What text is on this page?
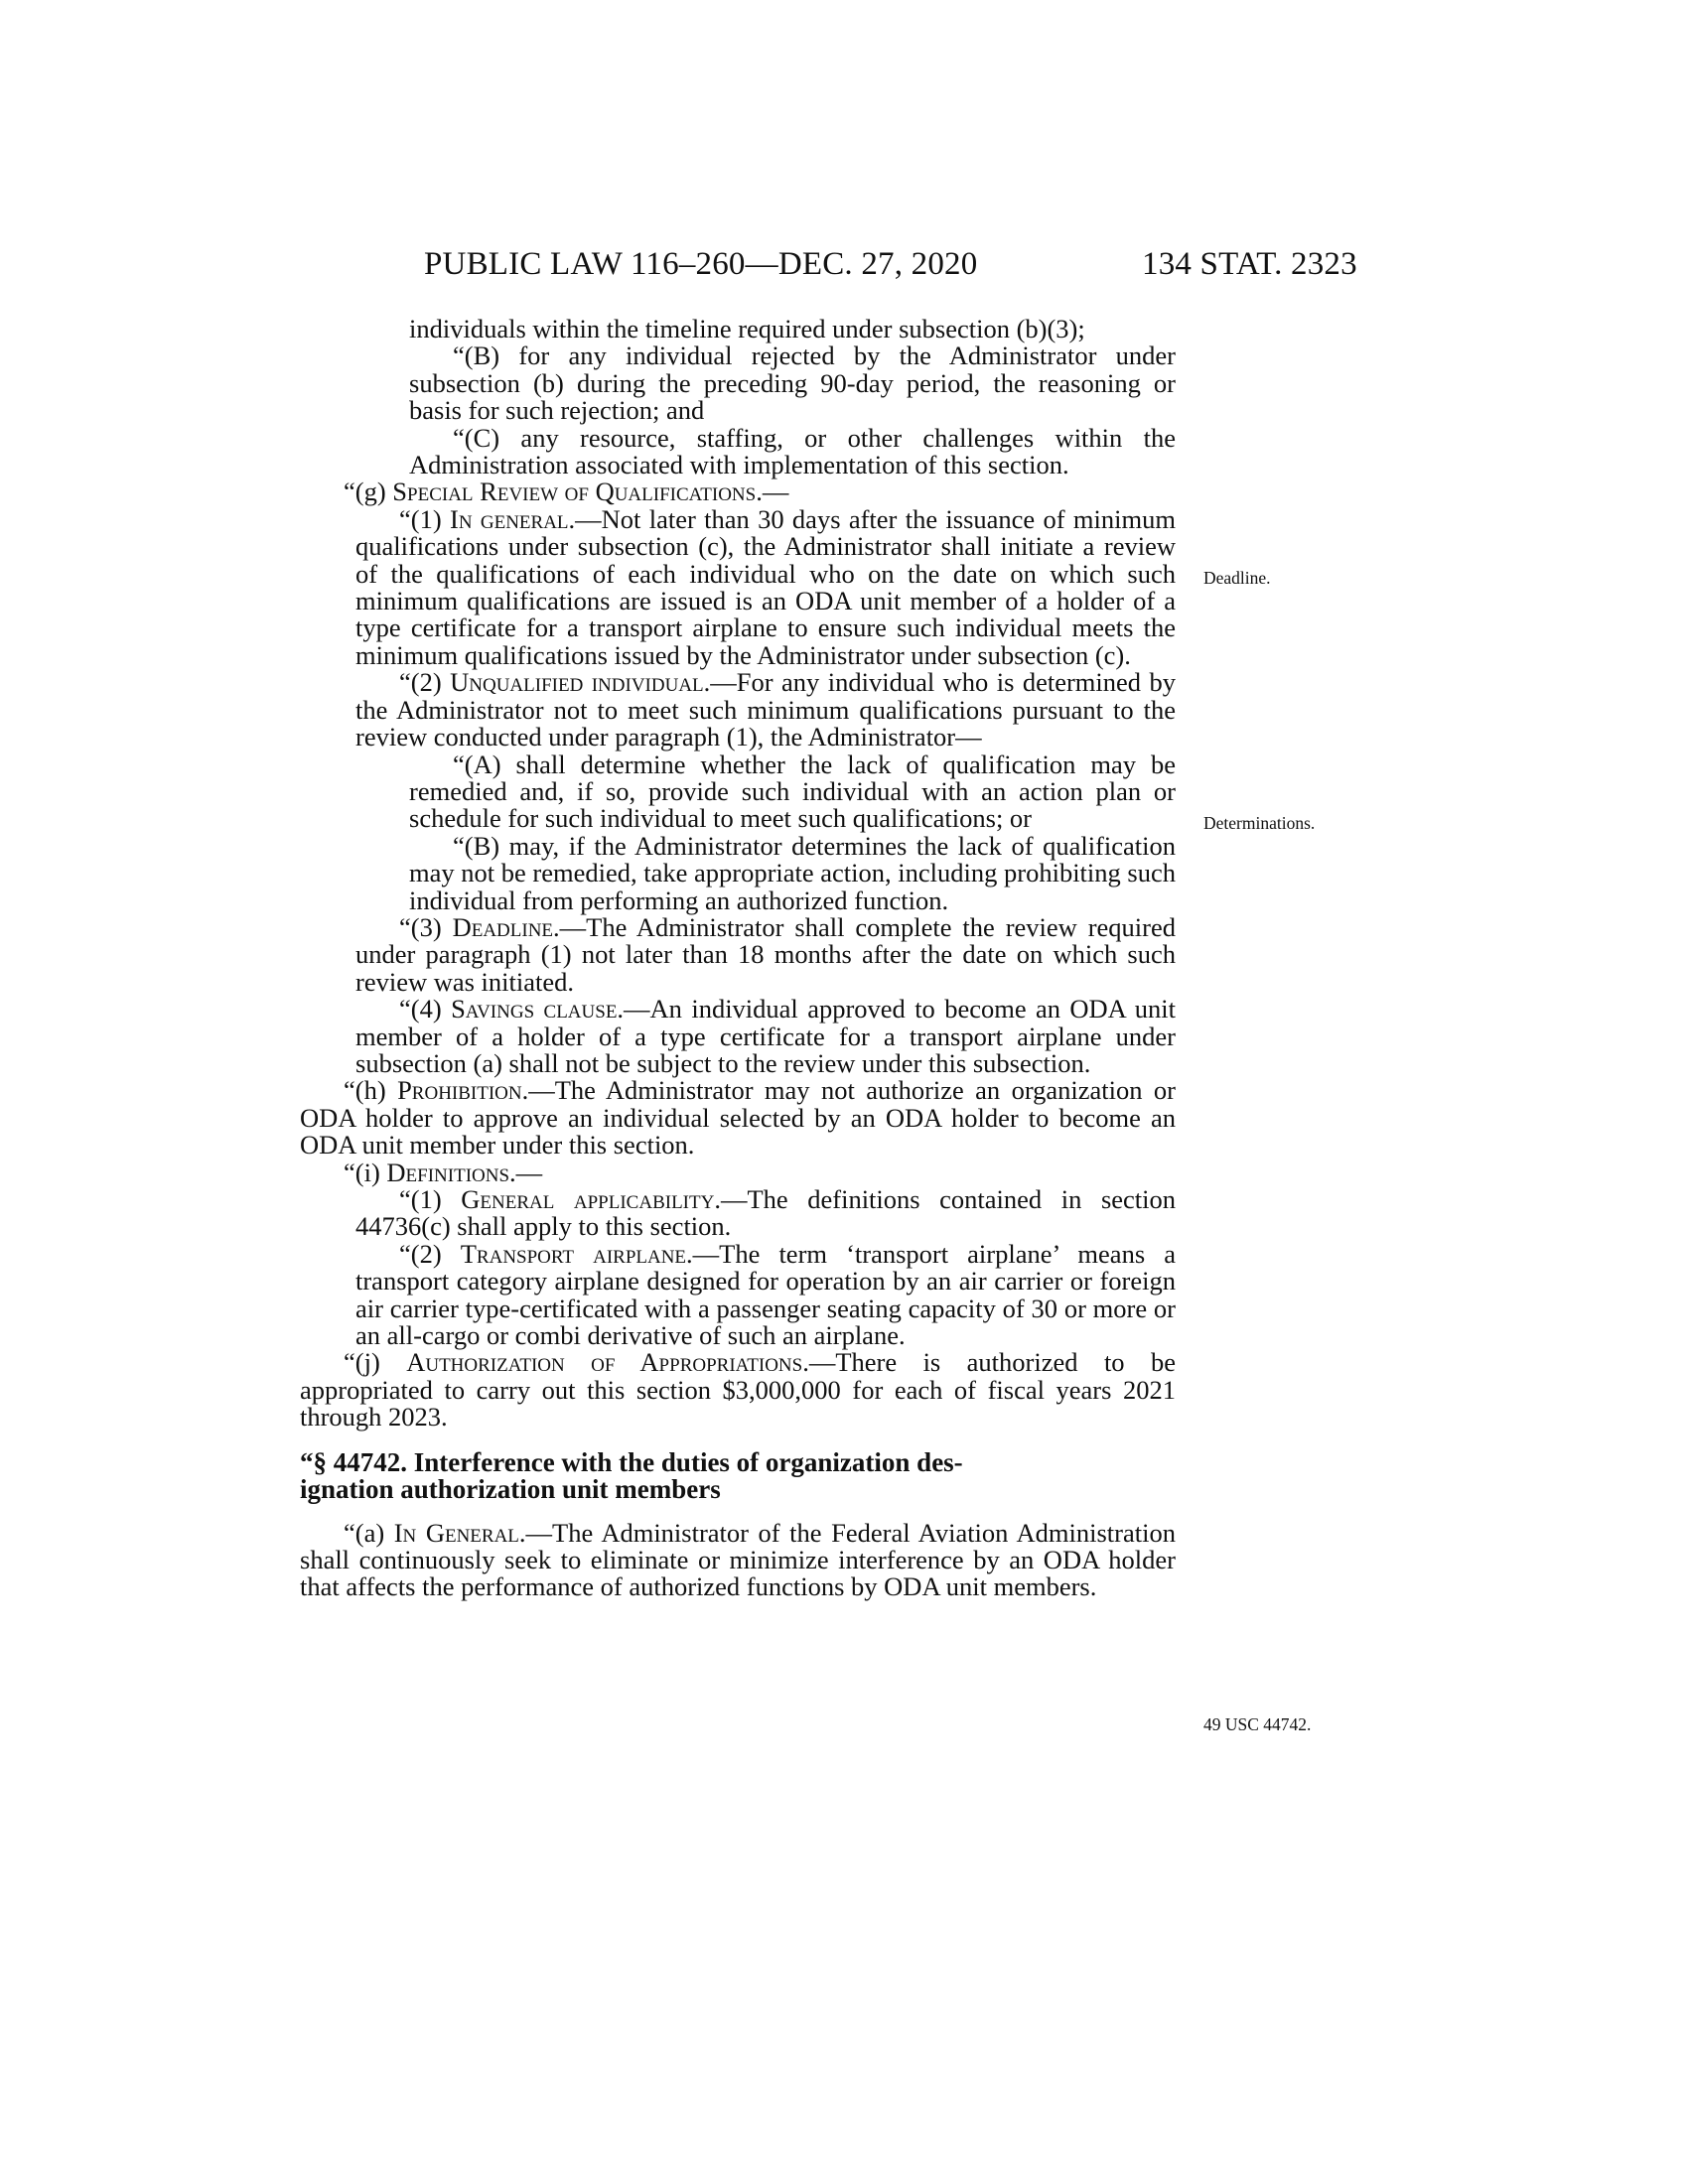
PUBLIC LAW 116–260—DEC. 27, 2020	134 STAT. 2323
Deadline.
Determinations.
49 USC 44742.

individuals within the timeline required under subsection (b)(3);

“(B) for any individual rejected by the Administrator under subsection (b) during the preceding 90-day period, the reasoning or basis for such rejection; and

“(C) any resource, staffing, or other challenges within the Administration associated with implementation of this section.

“(g) Special Review of Qualifications.—

“(1) In general.—Not later than 30 days after the issuance of minimum qualifications under subsection (c), the Administrator shall initiate a review of the qualifications of each individual who on the date on which such minimum qualifications are issued is an ODA unit member of a holder of a type certificate for a transport airplane to ensure such individual meets the minimum qualifications issued by the Administrator under subsection (c).

“(2) Unqualified individual.—For any individual who is determined by the Administrator not to meet such minimum qualifications pursuant to the review conducted under paragraph (1), the Administrator—

“(A) shall determine whether the lack of qualification may be remedied and, if so, provide such individual with an action plan or schedule for such individual to meet such qualifications; or

“(B) may, if the Administrator determines the lack of qualification may not be remedied, take appropriate action, including prohibiting such individual from performing an authorized function.

“(3) Deadline.—The Administrator shall complete the review required under paragraph (1) not later than 18 months after the date on which such review was initiated.

“(4) Savings clause.—An individual approved to become an ODA unit member of a holder of a type certificate for a transport airplane under subsection (a) shall not be subject to the review under this subsection.

“(h) Prohibition.—The Administrator may not authorize an organization or ODA holder to approve an individual selected by an ODA holder to become an ODA unit member under this section.

“(i) Definitions.—

“(1) General applicability.—The definitions contained in section 44736(c) shall apply to this section.

“(2) Transport airplane.—The term ‘transport airplane’ means a transport category airplane designed for operation by an air carrier or foreign air carrier type-certificated with a passenger seating capacity of 30 or more or an all-cargo or combi derivative of such an airplane.

“(j) Authorization of Appropriations.—There is authorized to be appropriated to carry out this section $3,000,000 for each of fiscal years 2021 through 2023.

“§ 44742. Interference with the duties of organization des-
ignation authorization unit members

“(a) In General.—The Administrator of the Federal Aviation Administration shall continuously seek to eliminate or minimize interference by an ODA holder that affects the performance of authorized functions by ODA unit members.
